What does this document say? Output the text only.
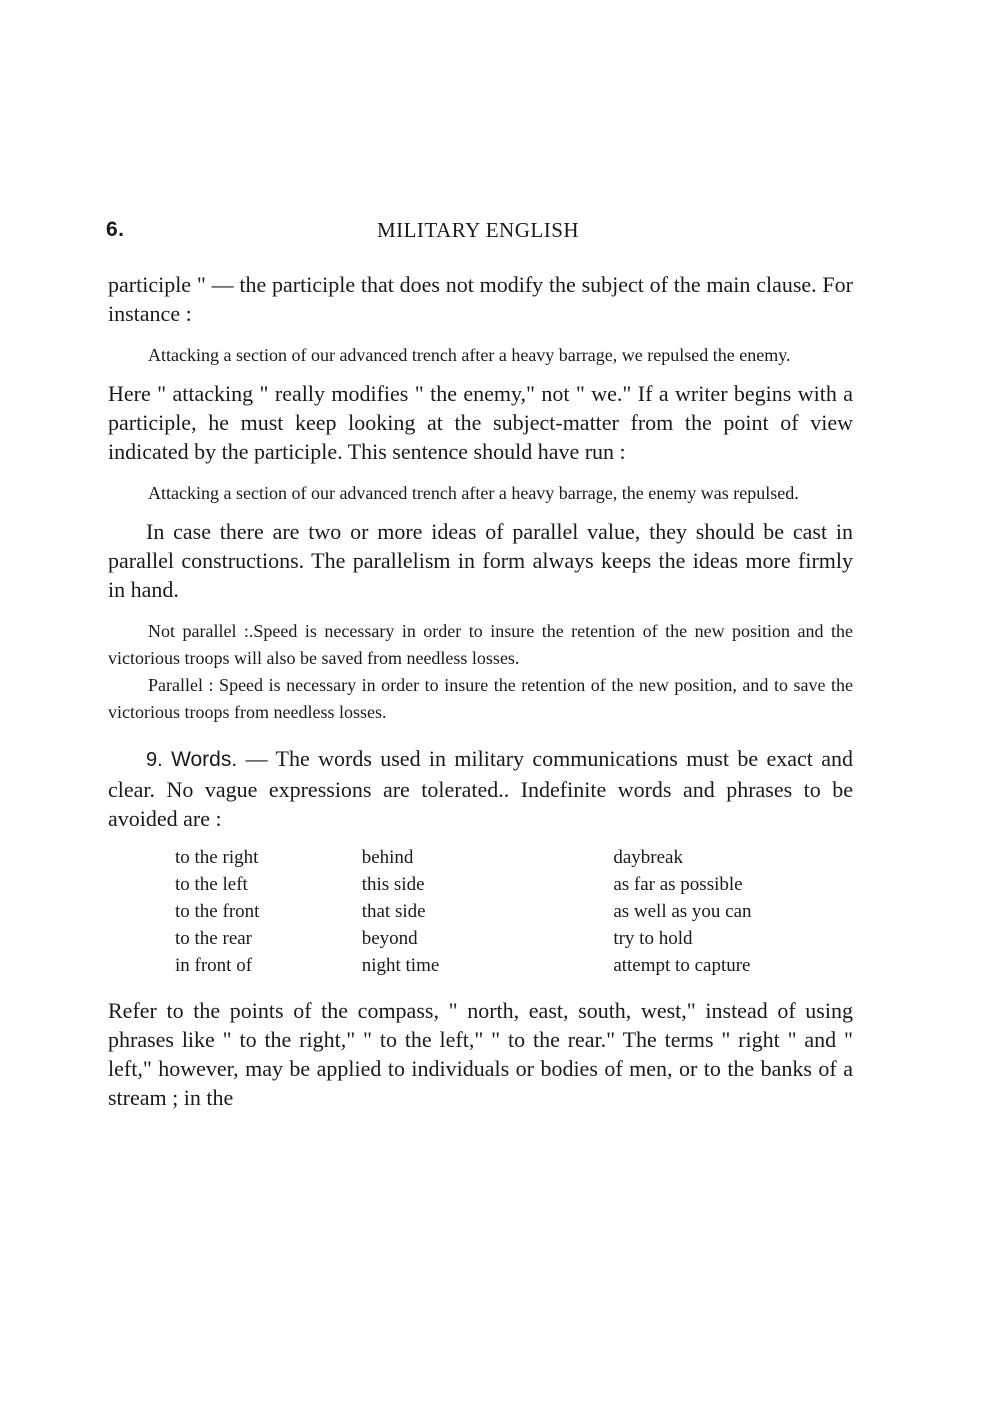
6.	MILITARY ENGLISH

participle " — the participle that does not modify the subject of the main clause. For instance :

Attacking a section of our advanced trench after a heavy barrage, we repulsed the enemy.

Here " attacking " really modifies " the enemy," not " we." If a writer begins with a participle, he must keep looking at the subject-matter from the point of view indicated by the participle. This sentence should have run :

Attacking a section of our advanced trench after a heavy barrage, the enemy was repulsed.

In case there are two or more ideas of parallel value, they should be cast in parallel constructions. The parallelism in form always keeps the ideas more firmly in hand.

Not parallel :.Speed is necessary in order to insure the retention of the new position and the victorious troops will also be saved from needless losses.

Parallel : Speed is necessary in order to insure the retention of the new position, and to save the victorious troops from needless losses.

9. Words. — The words used in military communications must be exact and clear. No vague expressions are tolerated.. Indefinite words and phrases to be avoided are :

to the right	behind	daybreak
to the left	this side	as far as possible
to the front	that side	as well as you can
to the rear	beyond	try to hold
in front of	night time	attempt to capture

Refer to the points of the compass, " north, east, south, west," instead of using phrases like " to the right," " to the left," " to the rear." The terms " right " and " left," however, may be applied to individuals or bodies of men, or to the banks of a stream ; in the
